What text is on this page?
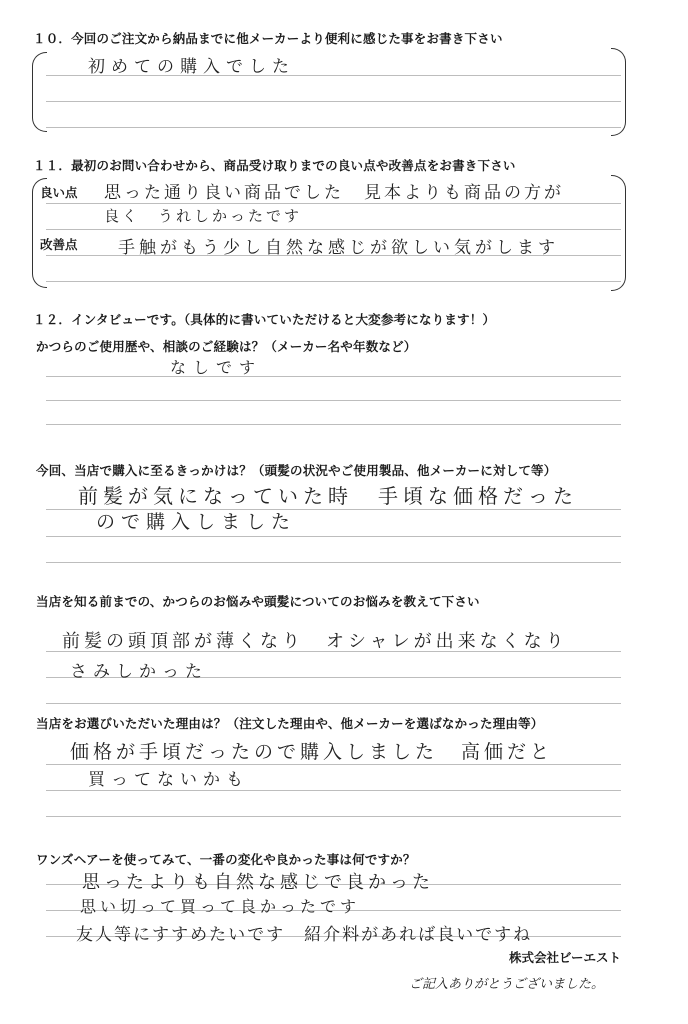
１０．今回のご注文から納品までに他メーカーより便利に感じた事をお書き下さい
初めての購入でした
１１．最初のお問い合わせから、商品受け取りまでの良い点や改善点をお書き下さい
良い点
改善点
思った通り良い商品でした　見本よりも商品の方が
良く　うれしかったです
手触がもう少し自然な感じが欲しい気がします
１２．インタビューです。（具体的に書いていただけると大変参考になります！）
かつらのご使用歴や、相談のご経験は？（メーカー名や年数など）
なしです
今回、当店で購入に至るきっかけは？（頭髪の状況やご使用製品、他メーカーに対して等）
前髪が気になっていた時　手頃な価格だった
ので購入しました
当店を知る前までの、かつらのお悩みや頭髪についてのお悩みを教えて下さい
前髪の頭頂部が薄くなり　オシャレが出来なくなり
さみしかった
当店をお選びいただいた理由は？（注文した理由や、他メーカーを選ばなかった理由等）
価格が手頃だったので購入しました　高価だと
買ってないかも
ワンズヘアーを使ってみて、一番の変化や良かった事は何ですか？
思ったよりも自然な感じで良かった
思い切って買って良かったです
友人等にすすめたいです　紹介料があれば良いですね
株式会社ビーエスト
ご記入ありがとうございました。
